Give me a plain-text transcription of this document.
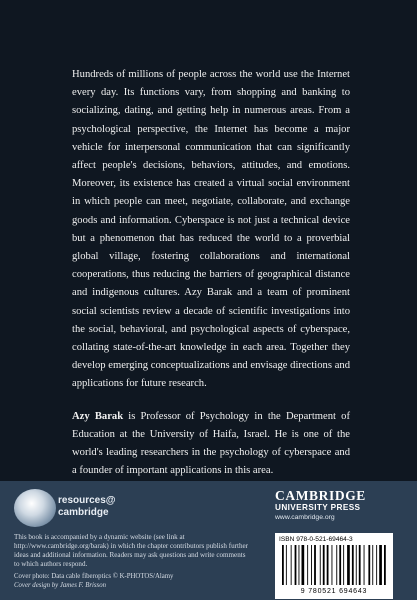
Hundreds of millions of people across the world use the Internet every day. Its functions vary, from shopping and banking to socializing, dating, and getting help in numerous areas. From a psychological perspective, the Internet has become a major vehicle for interpersonal communication that can significantly affect people's decisions, behaviors, attitudes, and emotions. Moreover, its existence has created a virtual social environment in which people can meet, negotiate, collaborate, and exchange goods and information. Cyberspace is not just a technical device but a phenomenon that has reduced the world to a proverbial global village, fostering collaborations and international cooperations, thus reducing the barriers of geographical distance and indigenous cultures. Azy Barak and a team of prominent social scientists review a decade of scientific investigations into the social, behavioral, and psychological aspects of cyberspace, collating state-of-the-art knowledge in each area. Together they develop emerging conceptualizations and envisage directions and applications for future research.

Azy Barak is Professor of Psychology in the Department of Education at the University of Haifa, Israel. He is one of the world's leading researchers in the psychology of cyberspace and a founder of important applications in this area.

resources@
cambridge
This book is accompanied by a dynamic website (see link at http://www.cambridge.org/barak) in which the chapter contributors publish further ideas and additional information. Readers may ask questions and write comments to which authors respond.
Cover photo: Data cable fiberoptics © K-PHOTOS/Alamy
Cover design by James F. Brisson
CAMBRIDGE
UNIVERSITY PRESS
www.cambridge.org
ISBN 978-0-521-69464-3
9 780521 694643
